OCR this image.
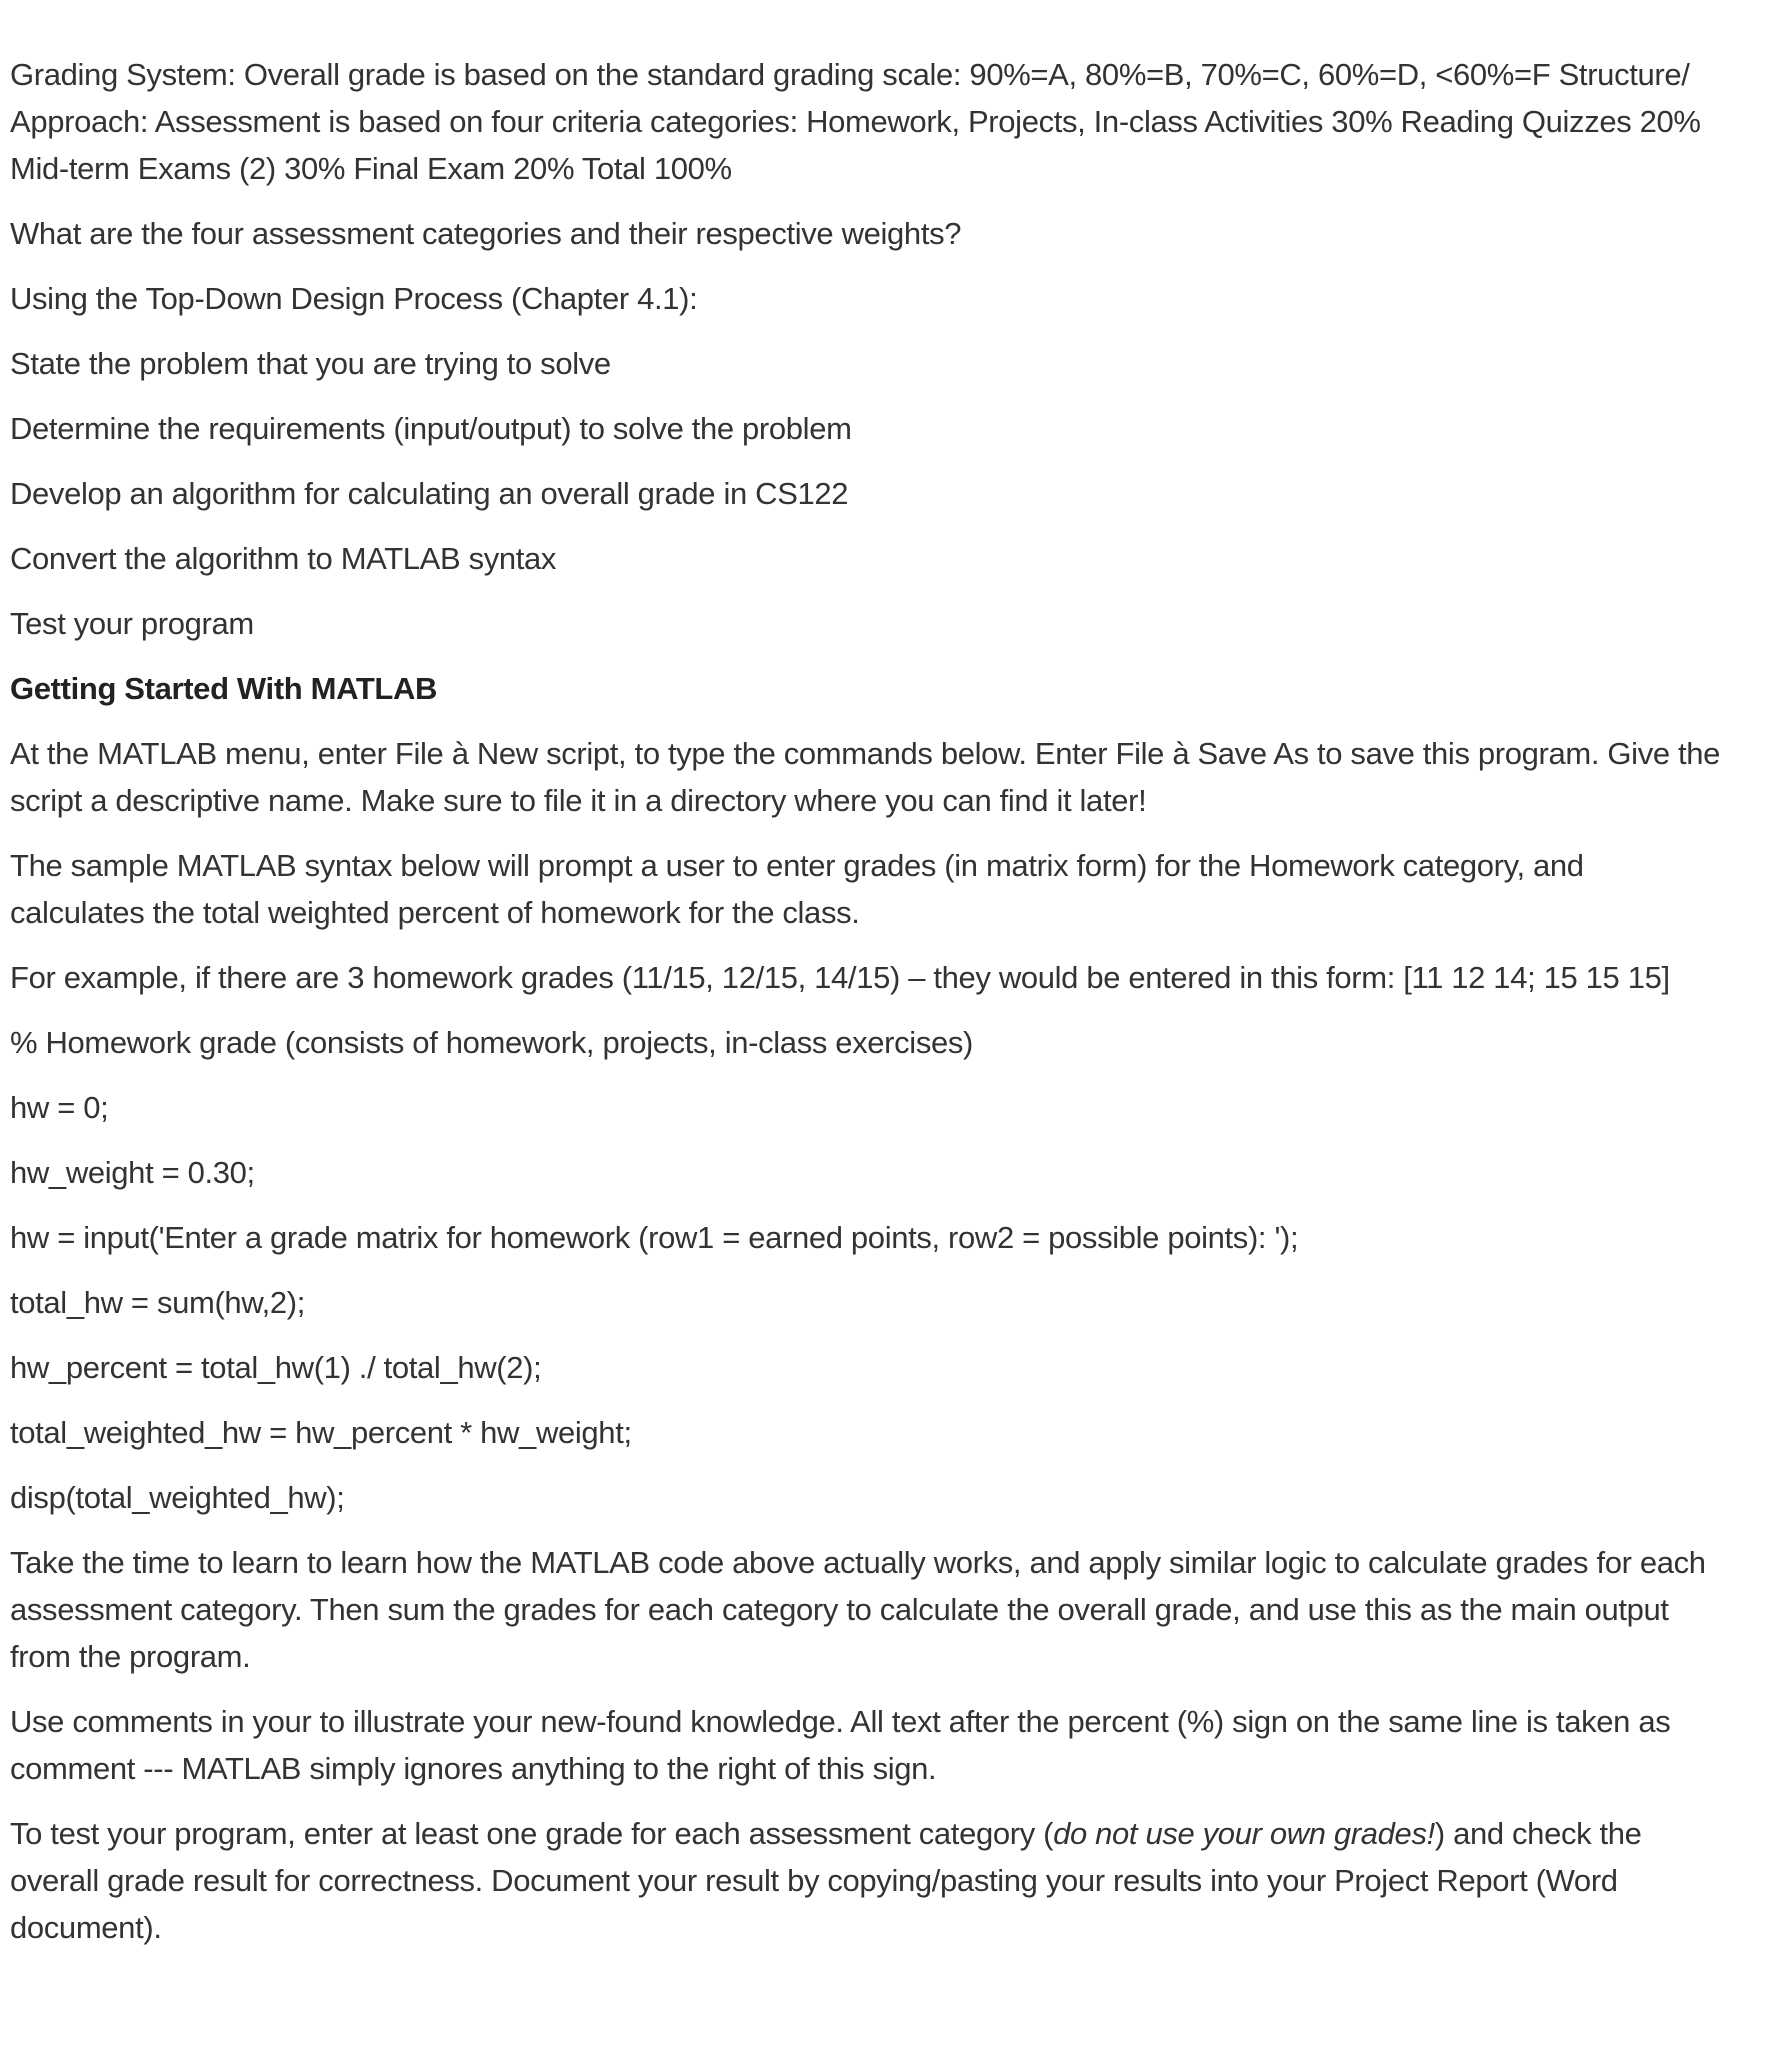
Grading System: Overall grade is based on the standard grading scale: 90%=A, 80%=B, 70%=C, 60%=D, <60%=F Structure/ Approach: Assessment is based on four criteria categories: Homework, Projects, In-class Activities 30% Reading Quizzes 20% Mid-term Exams (2) 30% Final Exam 20% Total 100%

What are the four assessment categories and their respective weights?

Using the Top-Down Design Process (Chapter 4.1):

State the problem that you are trying to solve

Determine the requirements (input/output) to solve the problem

Develop an algorithm for calculating an overall grade in CS122

Convert the algorithm to MATLAB syntax

Test your program

Getting Started With MATLAB

At the MATLAB menu, enter File à New script, to type the commands below. Enter File à Save As to save this program. Give the script a descriptive name. Make sure to file it in a directory where you can find it later!

The sample MATLAB syntax below will prompt a user to enter grades (in matrix form) for the Homework category, and calculates the total weighted percent of homework for the class.

For example, if there are 3 homework grades (11/15, 12/15, 14/15) – they would be entered in this form: [11 12 14; 15 15 15]

% Homework grade (consists of homework, projects, in-class exercises)

hw = 0;

hw_weight = 0.30;

hw = input('Enter a grade matrix for homework (row1 = earned points, row2 = possible points): ');

total_hw = sum(hw,2);

hw_percent = total_hw(1) ./ total_hw(2);

total_weighted_hw = hw_percent * hw_weight;

disp(total_weighted_hw);

Take the time to learn to learn how the MATLAB code above actually works, and apply similar logic to calculate grades for each assessment category. Then sum the grades for each category to calculate the overall grade, and use this as the main output from the program.

Use comments in your to illustrate your new-found knowledge. All text after the percent (%) sign on the same line is taken as comment --- MATLAB simply ignores anything to the right of this sign.

To test your program, enter at least one grade for each assessment category (do not use your own grades!) and check the overall grade result for correctness. Document your result by copying/pasting your results into your Project Report (Word document).
